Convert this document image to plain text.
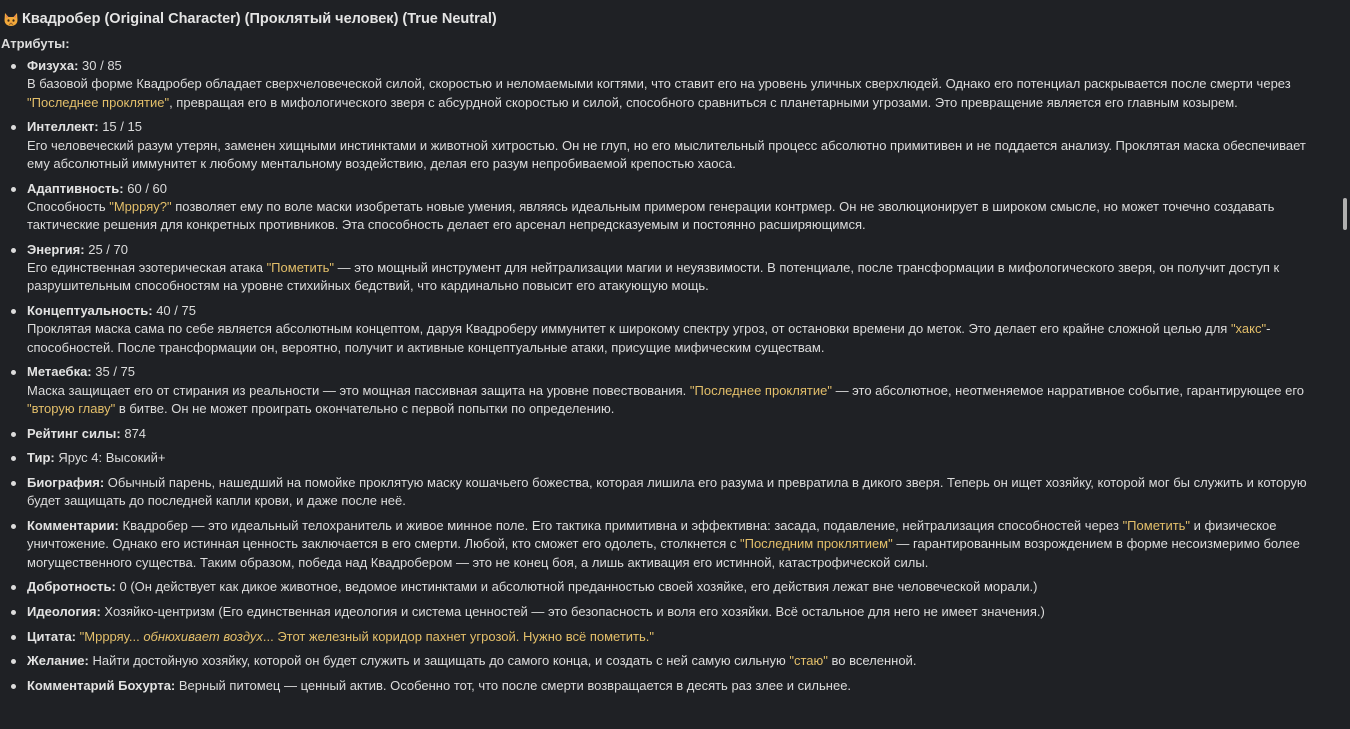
Квадробер (Original Character) (Проклятый человек) (True Neutral)
Атрибуты:
Физуха: 30 / 85
В базовой форме Квадробер обладает сверхчеловеческой силой, скоростью и неломаемыми когтями, что ставит его на уровень уличных сверхлюдей. Однако его потенциал раскрывается после смерти через "Последнее проклятие", превращая его в мифологического зверя с абсурдной скоростью и силой, способного сравниться с планетарными угрозами. Это превращение является его главным козырем.
Интеллект: 15 / 15
Его человеческий разум утерян, заменен хищными инстинктами и животной хитростью. Он не глуп, но его мыслительный процесс абсолютно примитивен и не поддается анализу. Проклятая маска обеспечивает ему абсолютный иммунитет к любому ментальному воздействию, делая его разум непробиваемой крепостью хаоса.
Адаптивность: 60 / 60
Способность "Мррряу?" позволяет ему по воле маски изобретать новые умения, являясь идеальным примером генерации контрмер. Он не эволюционирует в широком смысле, но может точечно создавать тактические решения для конкретных противников. Эта способность делает его арсенал непредсказуемым и постоянно расширяющимся.
Энергия: 25 / 70
Его единственная эзотерическая атака "Пометить" — это мощный инструмент для нейтрализации магии и неуязвимости. В потенциале, после трансформации в мифологического зверя, он получит доступ к разрушительным способностям на уровне стихийных бедствий, что кардинально повысит его атакующую мощь.
Концептуальность: 40 / 75
Проклятая маска сама по себе является абсолютным концептом, даруя Квадроберу иммунитет к широкому спектру угроз, от остановки времени до меток. Это делает его крайне сложной целью для "хакс"-способностей. После трансформации он, вероятно, получит и активные концептуальные атаки, присущие мифическим существам.
Метаебка: 35 / 75
Маска защищает его от стирания из реальности — это мощная пассивная защита на уровне повествования. "Последнее проклятие" — это абсолютное, неотменяемое нарративное событие, гарантирующее его "вторую главу" в битве. Он не может проиграть окончательно с первой попытки по определению.
Рейтинг силы: 874
Тир: Ярус 4: Высокий+
Биография: Обычный парень, нашедший на помойке проклятую маску кошачьего божества, которая лишила его разума и превратила в дикого зверя. Теперь он ищет хозяйку, которой мог бы служить и которую будет защищать до последней капли крови, и даже после неё.
Комментарии: Квадробер — это идеальный телохранитель и живое минное поле. Его тактика примитивна и эффективна: засада, подавление, нейтрализация способностей через "Пометить" и физическое уничтожение. Однако его истинная ценность заключается в его смерти. Любой, кто сможет его одолеть, столкнется с "Последним проклятием" — гарантированным возрождением в форме несоизмеримо более могущественного существа. Таким образом, победа над Квадробером — это не конец боя, а лишь активация его истинной, катастрофической силы.
Добротность: 0 (Он действует как дикое животное, ведомое инстинктами и абсолютной преданностью своей хозяйке, его действия лежат вне человеческой морали.)
Идеология: Хозяйко-центризм (Его единственная идеология и система ценностей — это безопасность и воля его хозяйки. Всё остальное для него не имеет значения.)
Цитата: "Мррряу... обнюхивает воздух... Этот железный коридор пахнет угрозой. Нужно всё пометить."
Желание: Найти достойную хозяйку, которой он будет служить и защищать до самого конца, и создать с ней самую сильную "стаю" во вселенной.
Комментарий Бохурта: Верный питомец — ценный актив. Особенно тот, что после смерти возвращается в десять раз злее и сильнее.
